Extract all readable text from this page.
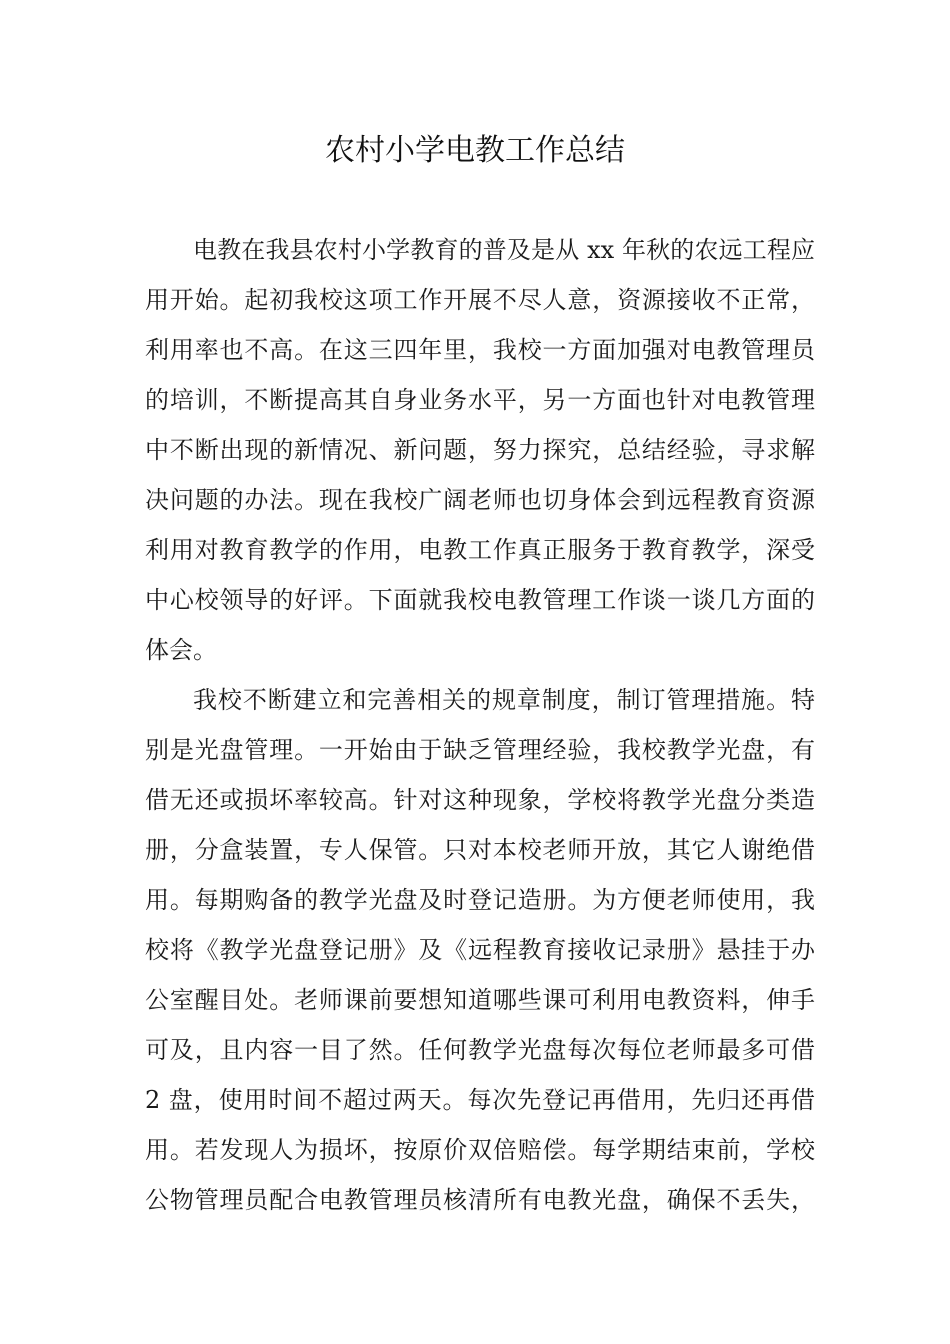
农村小学电教工作总结
电教在我县农村小学教育的普及是从 xx 年秋的农远工程应
用开始。起初我校这项工作开展不尽人意，资源接收不正常，
利用率也不高。在这三四年里，我校一方面加强对电教管理员
的培训，不断提高其自身业务水平，另一方面也针对电教管理
中不断出现的新情况、新问题，努力探究，总结经验，寻求解
决问题的办法。现在我校广阔老师也切身体会到远程教育资源
利用对教育教学的作用，电教工作真正服务于教育教学，深受
中心校领导的好评。下面就我校电教管理工作谈一谈几方面的
体会。
我校不断建立和完善相关的规章制度，制订管理措施。特
别是光盘管理。一开始由于缺乏管理经验，我校教学光盘，有
借无还或损坏率较高。针对这种现象，学校将教学光盘分类造
册，分盒装置，专人保管。只对本校老师开放，其它人谢绝借
用。每期购备的教学光盘及时登记造册。为方便老师使用，我
校将《教学光盘登记册》及《远程教育接收记录册》悬挂于办
公室醒目处。老师课前要想知道哪些课可利用电教资料，伸手
可及，且内容一目了然。任何教学光盘每次每位老师最多可借
2 盘，使用时间不超过两天。每次先登记再借用，先归还再借
用。若发现人为损坏，按原价双倍赔偿。每学期结束前，学校
公物管理员配合电教管理员核清所有电教光盘，确保不丢失，
